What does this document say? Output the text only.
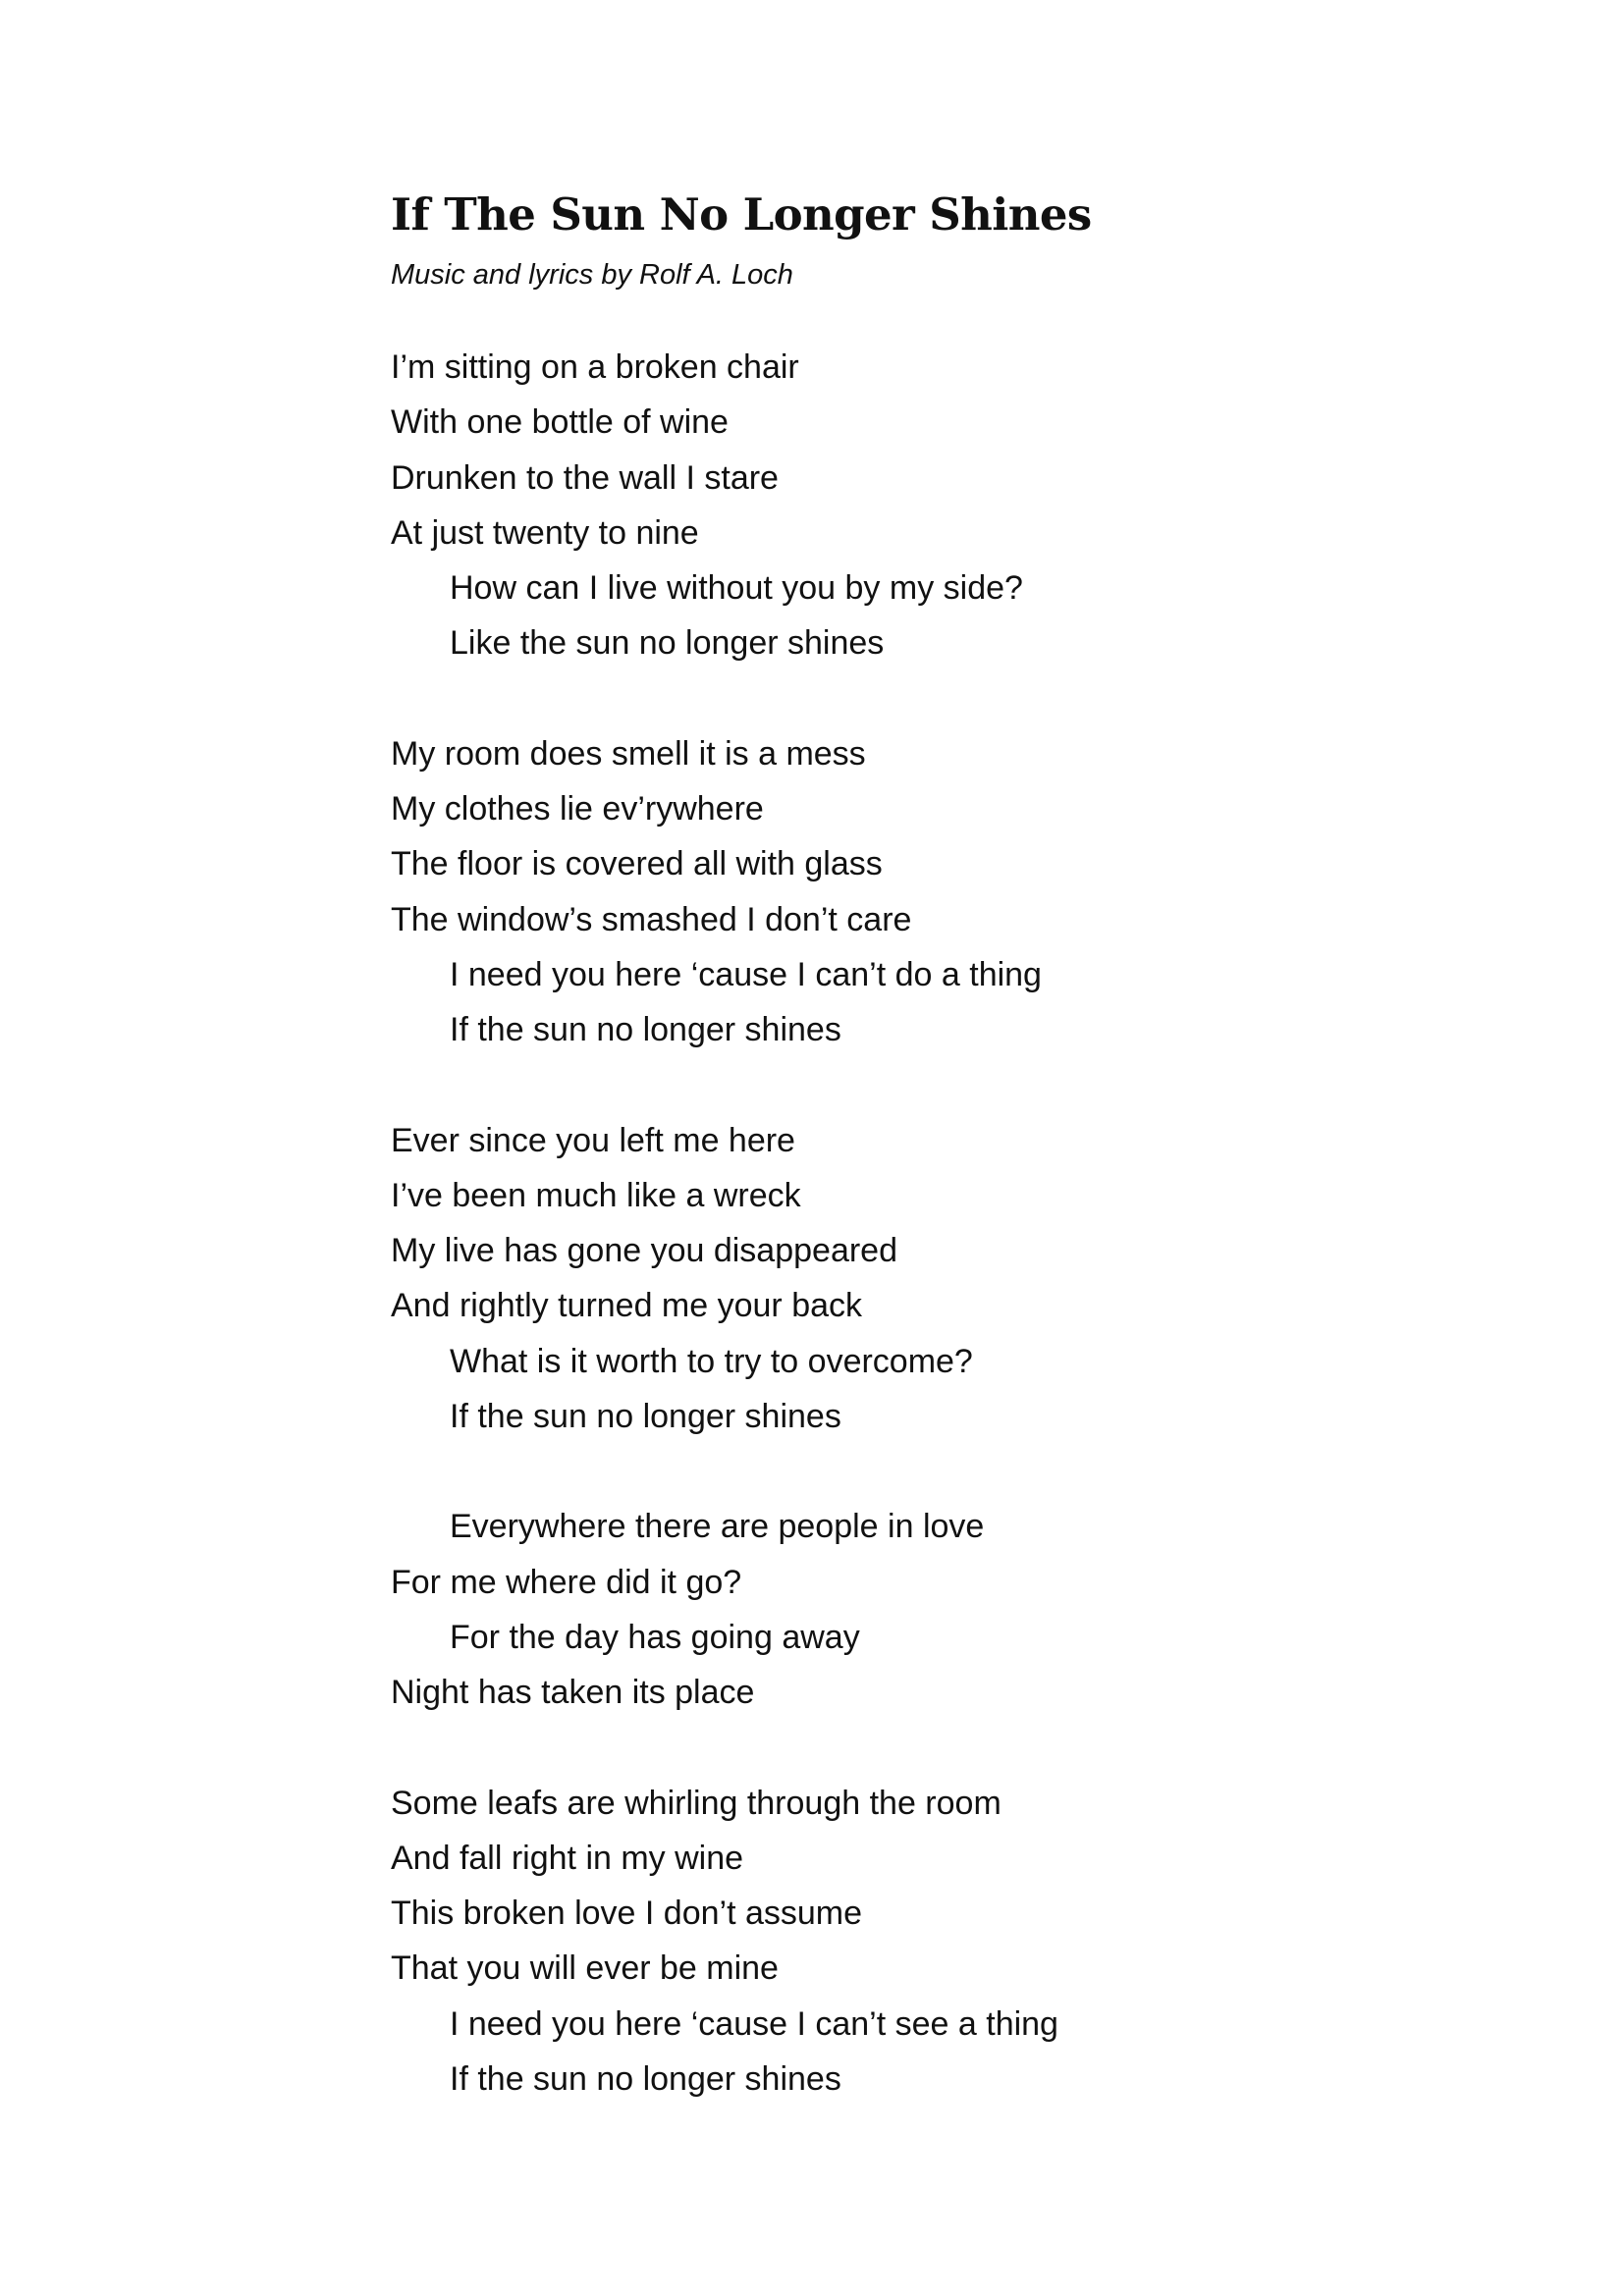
If The Sun No Longer Shines
Music and lyrics by Rolf A. Loch
I’m sitting on a broken chair
With one bottle of wine
Drunken to the wall I stare
At just twenty to nine
How can I live without you by my side?
Like the sun no longer shines
My room does smell it is a mess
My clothes lie ev’rywhere
The floor is covered all with glass
The window’s smashed I don’t care
I need you here ‘cause I can’t do a thing
If the sun no longer shines
Ever since you left me here
I’ve been much like a wreck
My live has gone you disappeared
And rightly turned me your back
What is it worth to try to overcome?
If the sun no longer shines
Everywhere there are people in love
For me where did it go?
For the day has going away
Night has taken its place
Some leafs are whirling through the room
And fall right in my wine
This broken love I don’t assume
That you will ever be mine
I need you here ‘cause I can’t see a thing
If the sun no longer shines
